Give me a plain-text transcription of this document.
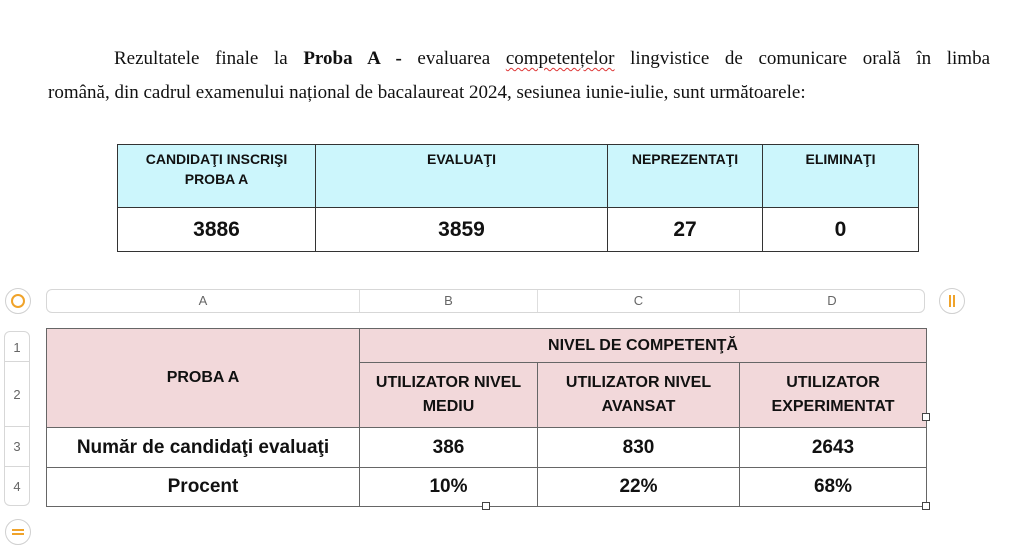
Rezultatele finale la Proba A - evaluarea competențelor lingvistice de comunicare orală în limba
română, din cadrul examenului național de bacalaureat 2024, sesiunea iunie-iulie, sunt următoarele:
CANDIDAŢI INSCRIŞI PROBA A	EVALUAŢI	NEPREZENTAŢI	ELIMINAŢI
3886	3859	27	0
A	B	C	D
1
2
3
4
PROBA A	NIVEL DE COMPETENŢĂ		
	UTILIZATOR NIVEL MEDIU	UTILIZATOR NIVEL AVANSAT	UTILIZATOR EXPERIMENTAT
Număr de candidaţi evaluaţi	386	830	2643
Procent	10%	22%	68%
